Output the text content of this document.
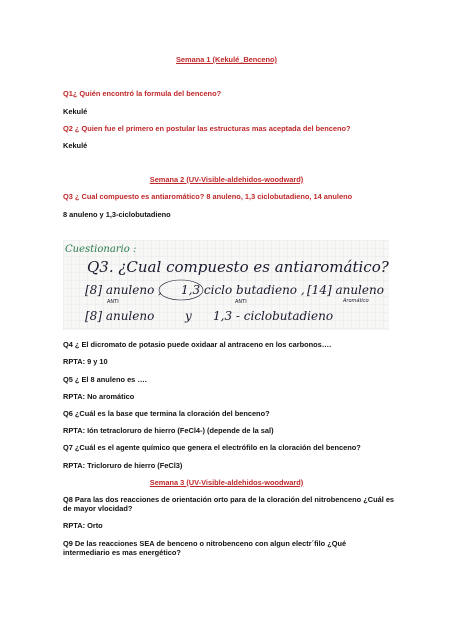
Semana 1 (Kekulé_Benceno)
Q1¿ Quién encontró la formula del benceno?
Kekulé
Q2 ¿ Quien fue el primero en postular las estructuras mas aceptada del benceno?
Kekulé
Semana 2 (UV-Visible-aldehidos-woodward)
Q3 ¿ Cual compuesto es antiaromático? 8 anuleno, 1,3 ciclobutadieno, 14 anuleno
8 anuleno y 1,3-ciclobutadieno
Cuestionario :
Q3. ¿Cual compuesto es antiaromático?
[8] anuleno , 1,3 ciclo butadieno , [14] anuleno
ANTI	ANTI	Aromático
[8] anuleno	y 1,3 - ciclobutadieno
Q4 ¿ El dicromato de potasio puede oxidaar al antraceno en los carbonos….
RPTA: 9 y 10
Q5 ¿ El 8 anuleno es ….
RPTA: No aromático
Q6 ¿Cuál es la base que termina la cloración del benceno?
RPTA: Ión tetracloruro de hierro (FeCl4-) (depende de la sal)
Q7 ¿Cuál es el agente químico que genera el electrófilo en la cloración del benceno?
RPTA: Tricloruro de hierro (FeCl3)
Semana 3 (UV-Visible-aldehidos-woodward)
Q8 Para las dos reacciones de orientación orto para de la cloración del nitrobenceno ¿Cuál es de mayor vlocidad?
RPTA: Orto
Q9 De las reacciones SEA de benceno o nitrobenceno con algun electr´filo ¿Qué intermediario es mas energético?
